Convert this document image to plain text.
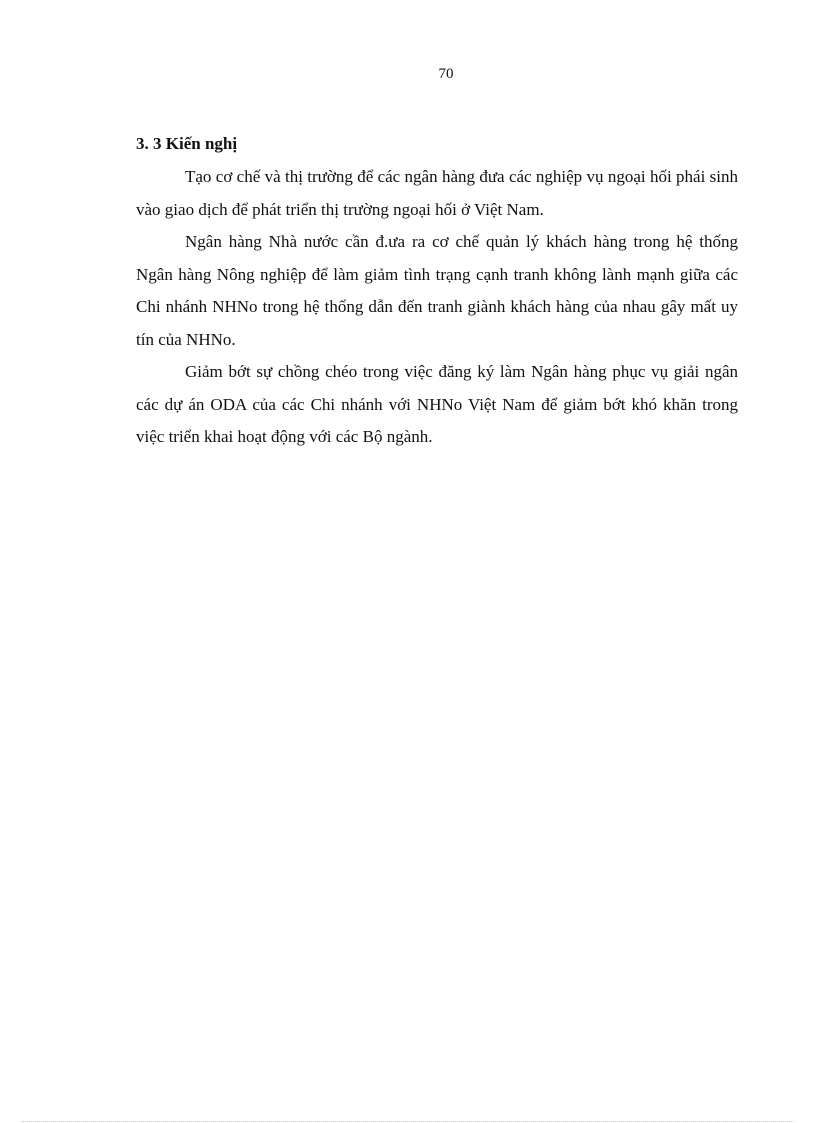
70
3. 3 Kiến nghị

Tạo cơ chế và thị trường để các ngân hàng đưa các nghiệp vụ ngoại hối phái sinh vào giao dịch để phát triển thị trường ngoại hối ở Việt Nam.

Ngân hàng Nhà nước cần đ.ưa ra cơ chế quản lý khách hàng trong hệ thống Ngân hàng Nông nghiệp để làm giảm tình trạng cạnh tranh không lành mạnh giữa các Chi nhánh NHNo trong hệ thống dẫn đến tranh giành khách hàng của nhau gây mất uy tín của NHNo.

Giảm bớt sự chồng chéo trong việc đăng ký làm Ngân hàng phục vụ giải ngân các dự án ODA của các Chi nhánh với NHNo Việt Nam để giảm bớt khó khăn trong việc triển khai hoạt động với các Bộ ngành.
